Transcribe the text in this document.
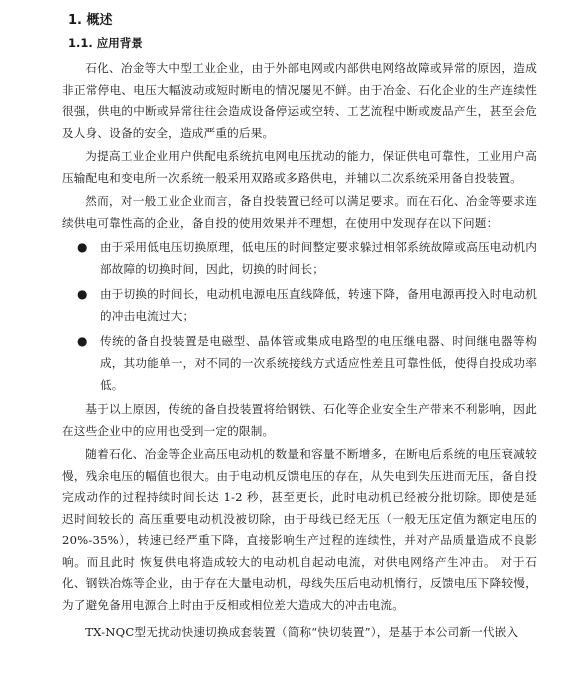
1. 概述
1.1. 应用背景

石化、冶金等大中型工业企业，由于外部电网或内部供电网络故障或异常的原因，造成非正常停电、电压大幅波动或短时断电的情况屡见不鲜。由于冶金、石化企业的生产连续性很强，供电的中断或异常往往会造成设备停运或空转、工艺流程中断或废品产生，甚至会危及人身、设备的安全，造成严重的后果。

为提高工业企业用户供配电系统抗电网电压扰动的能力，保证供电可靠性，工业用户高压输配电和变电所一次系统一般采用双路或多路供电，并辅以二次系统采用备自投装置。

然而，对一般工业企业而言，备自投装置已经可以满足要求。而在石化、冶金等要求连续供电可靠性高的企业，备自投的使用效果并不理想，在使用中发现存在以下问题：

● 由于采用低电压切换原理，低电压的时间整定要求躲过相邻系统故障或高压电动机内部故障的切换时间，因此，切换的时间长；
● 由于切换的时间长，电动机电源电压直线降低，转速下降，备用电源再投入时电动机的冲击电流过大；
● 传统的备自投装置是电磁型、晶体管或集成电路型的电压继电器、时间继电器等构成，其功能单一，对不同的一次系统接线方式适应性差且可靠性低，使得自投成功率低。

基于以上原因，传统的备自投装置将给钢铁、石化等企业安全生产带来不利影响，因此在这些企业中的应用也受到一定的限制。

随着石化、冶金等企业高压电动机的数量和容量不断增多，在断电后系统的电压衰减较慢，残余电压的幅值也很大。由于电动机反馈电压的存在，从失电到失压进而无压，备自投完成动作的过程持续时间长达 1-2 秒，甚至更长，此时电动机已经被分批切除。即使是延迟时间较长的 高压重要电动机没被切除，由于母线已经无压（一般无压定值为额定电压的 20%-35%），转速已经严重下降，直接影响生产过程的连续性，并对产品质量造成不良影响。而且此时 恢复供电将造成较大的电动机自起动电流，对供电网络产生冲击。 对于石化、钢铁冶炼等企业，由于存在大量电动机，母线失压后电动机惰行，反馈电压下降较慢，为了避免备用电源合上时由于反相或相位差大造成大的冲击电流。

TX-NQC型无扰动快速切换成套装置（简称“快切装置”），是基于本公司新一代嵌入
